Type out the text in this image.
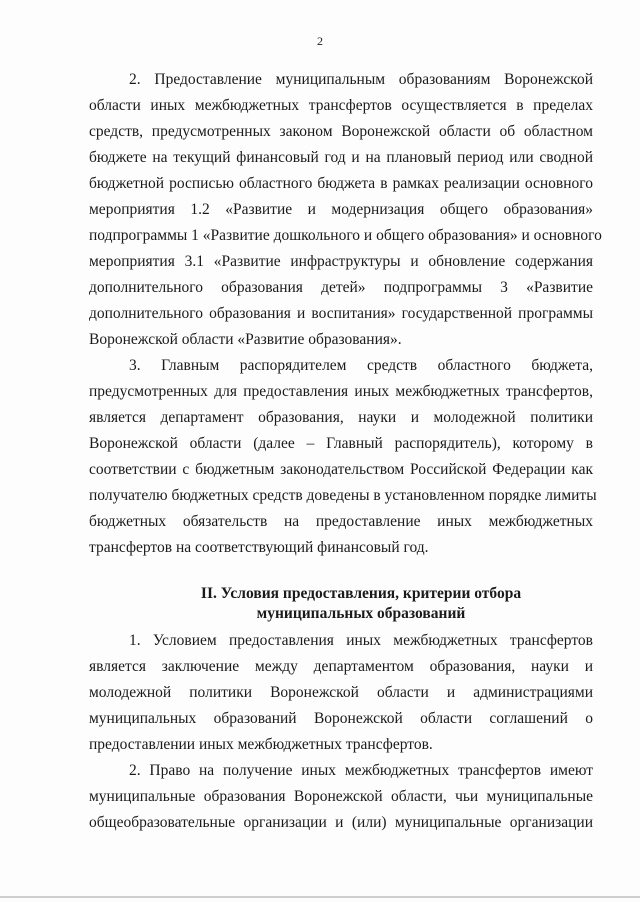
2
2. Предоставление муниципальным образованиям Воронежской
области иных межбюджетных трансфертов осуществляется в пределах
средств, предусмотренных законом Воронежской области об областном
бюджете на текущий финансовый год и на плановый период или сводной
бюджетной росписью областного бюджета в рамках реализации основного
мероприятия 1.2 «Развитие и модернизация общего образования»
подпрограммы 1 «Развитие дошкольного и общего образования» и основного
мероприятия 3.1 «Развитие инфраструктуры и обновление содержания
дополнительного образования детей» подпрограммы 3 «Развитие
дополнительного образования и воспитания» государственной программы
Воронежской области «Развитие образования».
3. Главным распорядителем средств областного бюджета,
предусмотренных для предоставления иных межбюджетных трансфертов,
является департамент образования, науки и молодежной политики
Воронежской области (далее – Главный распорядитель), которому в
соответствии с бюджетным законодательством Российской Федерации как
получателю бюджетных средств доведены в установленном порядке лимиты
бюджетных обязательств на предоставление иных межбюджетных
трансфертов на соответствующий финансовый год.
II. Условия предоставления, критерии отбора
муниципальных образований
1. Условием предоставления иных межбюджетных трансфертов
является заключение между департаментом образования, науки и
молодежной политики Воронежской области и администрациями
муниципальных образований Воронежской области соглашений о
предоставлении иных межбюджетных трансфертов.
2. Право на получение иных межбюджетных трансфертов имеют
муниципальные образования Воронежской области, чьи муниципальные
общеобразовательные организации и (или) муниципальные организации
